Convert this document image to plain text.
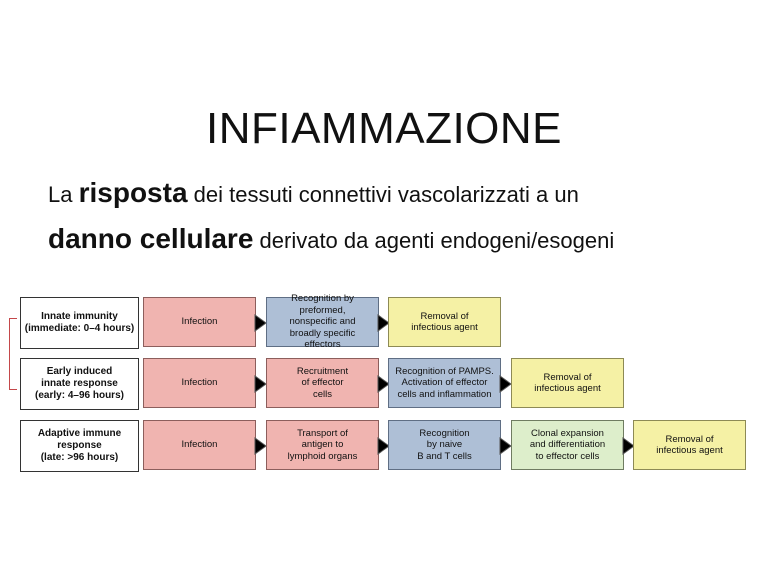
INFIAMMAZIONE
La risposta dei tessuti connettivi vascolarizzati a un
danno cellulare derivato da agenti endogeni/esogeni
Innate immunity
(immediate: 0–4 hours)
Infection
Recognition by preformed,
nonspecific and
broadly specific effectors
Removal of
infectious agent
Early induced
innate response
(early: 4–96 hours)
Infection
Recruitment
of effector
cells
Recognition of PAMPS.
Activation of effector
cells and inflammation
Removal of
infectious agent
Adaptive immune
response
(late: >96 hours)
Infection
Transport of
antigen to
lymphoid organs
Recognition
by naive
B and T cells
Clonal expansion
and differentiation
to effector cells
Removal of
infectious agent
